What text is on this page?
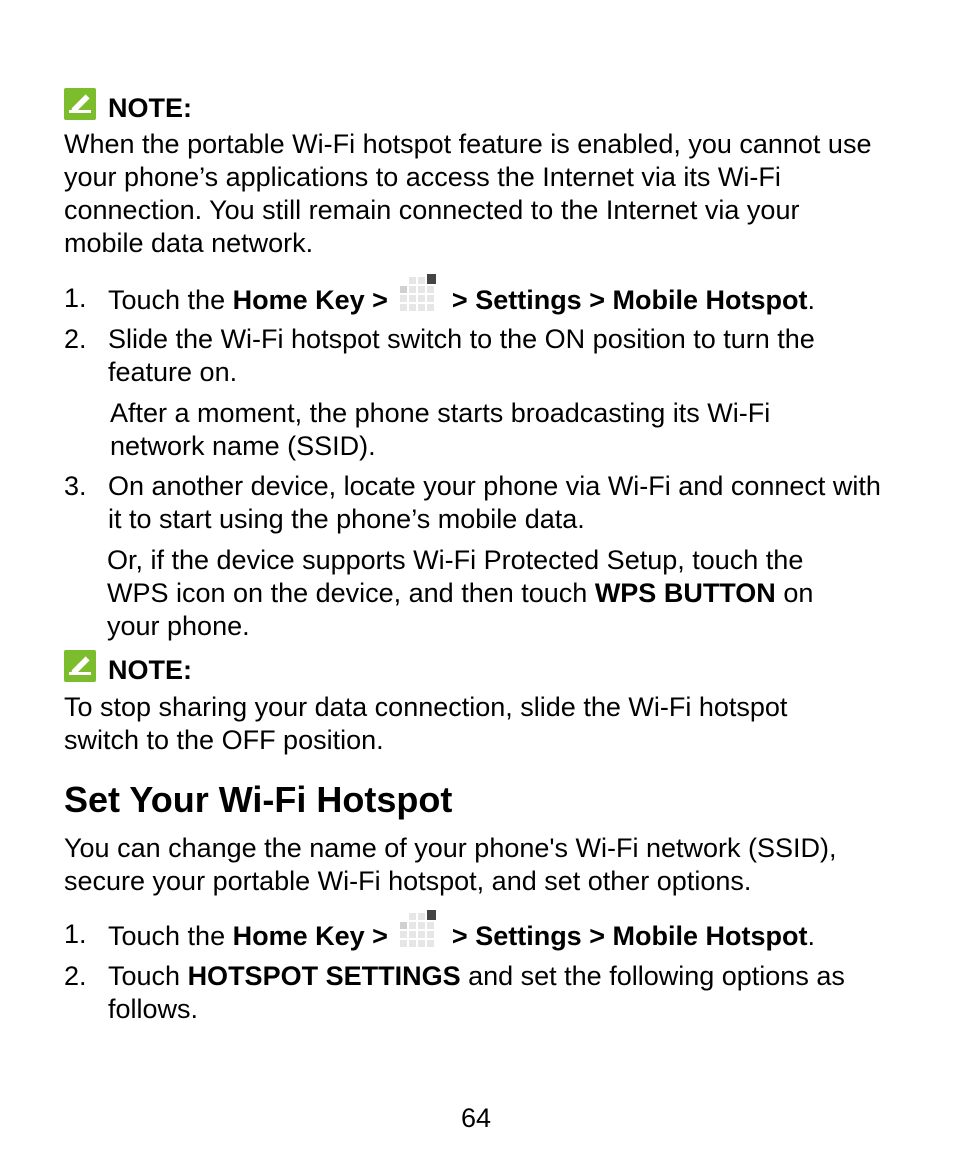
NOTE:
When the portable Wi-Fi hotspot feature is enabled, you cannot use your phone’s applications to access the Internet via its Wi-Fi connection. You still remain connected to the Internet via your mobile data network.
1. Touch the Home Key > > Settings > Mobile Hotspot.
2. Slide the Wi-Fi hotspot switch to the ON position to turn the feature on.
After a moment, the phone starts broadcasting its Wi-Fi network name (SSID).
3. On another device, locate your phone via Wi-Fi and connect with it to start using the phone’s mobile data.
Or, if the device supports Wi-Fi Protected Setup, touch the WPS icon on the device, and then touch WPS BUTTON on your phone.
NOTE:
To stop sharing your data connection, slide the Wi-Fi hotspot switch to the OFF position.
Set Your Wi-Fi Hotspot
You can change the name of your phone's Wi-Fi network (SSID), secure your portable Wi-Fi hotspot, and set other options.
1. Touch the Home Key > > Settings > Mobile Hotspot.
2. Touch HOTSPOT SETTINGS and set the following options as follows.
64
